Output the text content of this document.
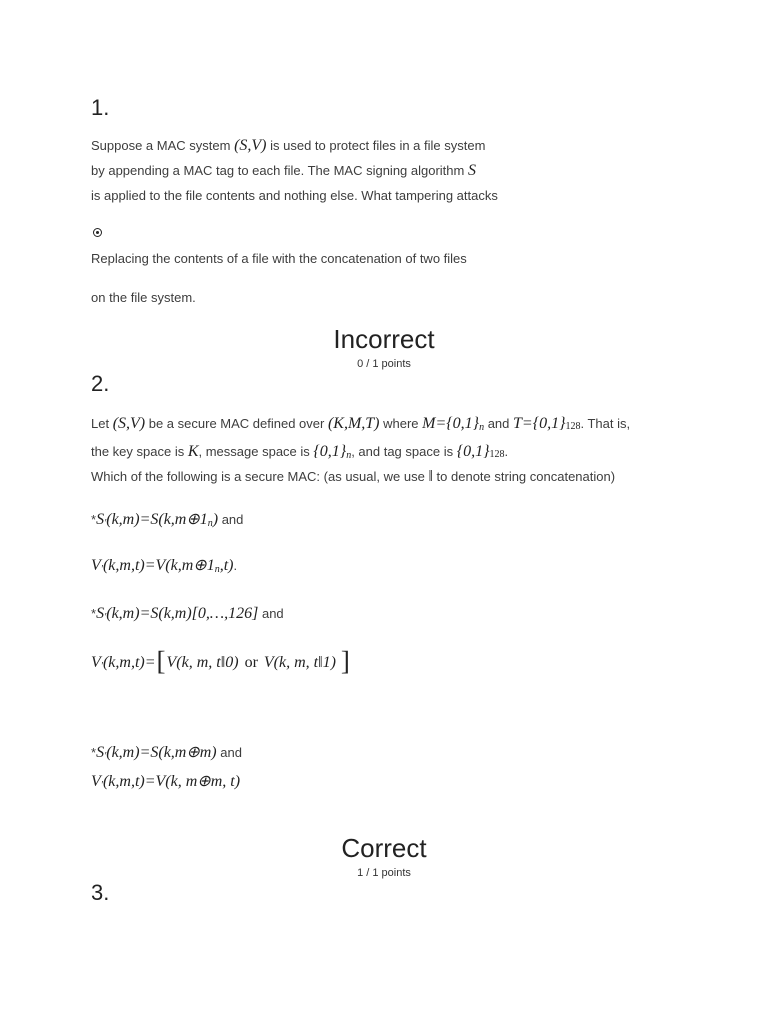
1.
Suppose a MAC system (S,V) is used to protect files in a file system
by appending a MAC tag to each file. The MAC signing algorithm S
is applied to the file contents and nothing else. What tampering attacks
Replacing the contents of a file with the concatenation of two files
on the file system.
Incorrect
0 / 1 points
2.
Let (S,V) be a secure MAC defined over (K,M,T) where M={0,1}n and T={0,1}128. That is,
the key space is K, message space is {0,1}n, and tag space is {0,1}128.
Which of the following is a secure MAC: (as usual, we use ‖ to denote string concatenation)
*S′(k,m)=S(k,m⊕1n) and
V′(k,m,t)=V(k,m⊕1n,t).
*S′(k,m)=S(k,m)[0,…,126] and
V′(k,m,t)=[V(k, m, t‖0) or V(k, m, t‖1) ]
*S′(k,m)=S(k,m⊕m) and
V′(k,m,t)=V(k, m⊕m, t)
Correct
1 / 1 points
3.
